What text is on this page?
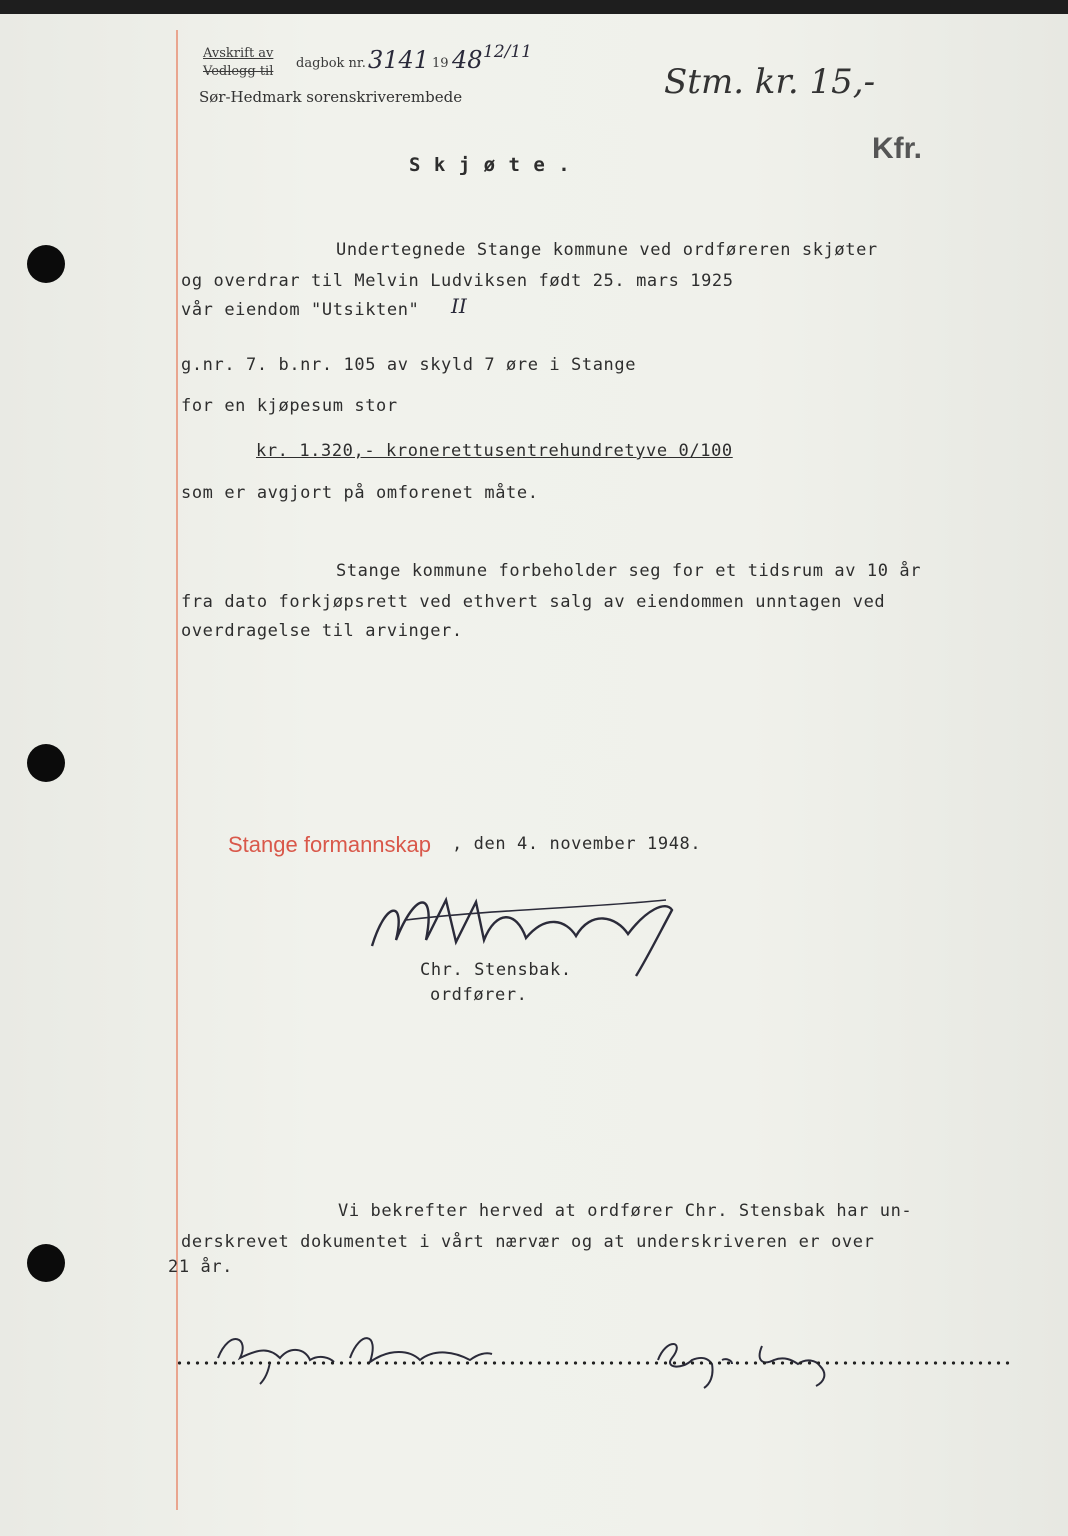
Avskrift av
Vedlegg til
dagbok nr. 3141 19 48 12/11
Sør-Hedmark sorenskriverembede	Stm. kr. 15,-
Kfr.
S k j ø t e .
Undertegnede Stange kommune ved ordføreren skjøter
og overdrar til Melvin Ludviksen født 25. mars 1925
vår eiendom "Utsikten" II
g.nr. 7. b.nr. 105 av skyld 7 øre i Stange
for en kjøpesum stor
kr. 1.320,- kronerettusentrehundretyve 0/100
som er avgjort på omforenet måte.
Stange kommune forbeholder seg for et tidsrum av 10 år
fra dato forkjøpsrett ved ethvert salg av eiendommen unntagen ved
overdragelse til arvinger.
Stange formannskap , den 4. november 1948.
Chr. Stensbak.
ordfører.
Vi bekrefter herved at ordfører Chr. Stensbak har un-
derskrevet dokumentet i vårt nærvær og at underskriveren er over
21 år.
